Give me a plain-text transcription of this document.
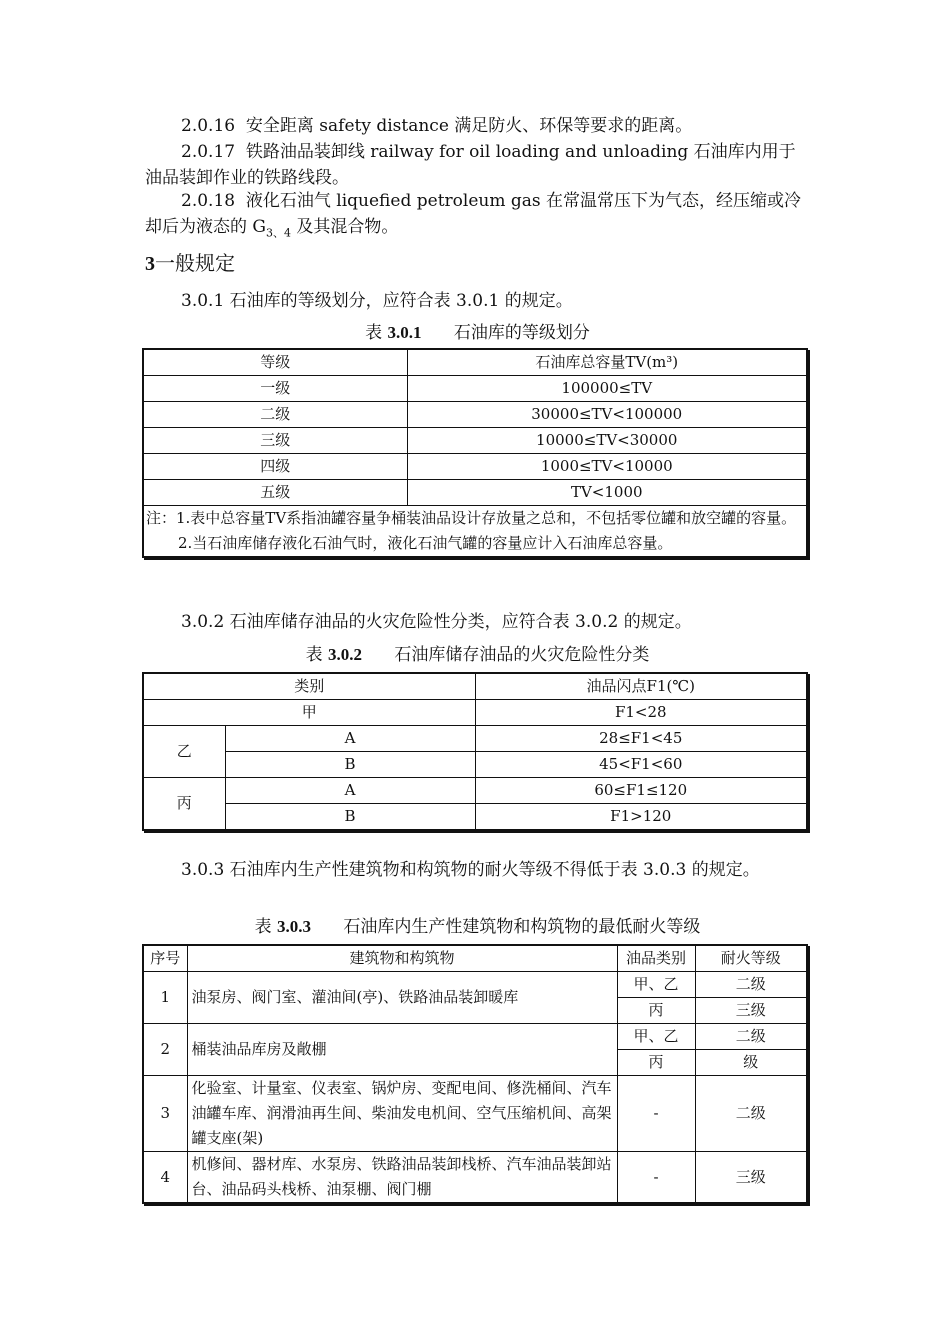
2.0.16 安全距离 safety distance 满足防火、环保等要求的距离。

2.0.17 铁路油品装卸线 railway for oil loading and unloading 石油库内用于油品装卸作业的铁路线段。

2.0.18 液化石油气 liquefied petroleum gas 在常温常压下为气态，经压缩或冷却后为液态的 $G_{3、4}$ 及其混合物。

3一般规定

3.0.1 石油库的等级划分，应符合表 3.0.1 的规定。

表 3.0.1 石油库的等级划分

等级	石油库总容量TV(m³)
一级	100000≤TV
二级	30000≤TV<100000
三级	10000≤TV<30000
四级	1000≤TV<10000
五级	TV<1000

注：1.表中总容量TV系指油罐容量争桶装油品设计存放量之总和，不包括零位罐和放空罐的容量。
2.当石油库储存液化石油气时，液化石油气罐的容量应计入石油库总容量。	

3.0.2 石油库储存油品的火灾危险性分类，应符合表 3.0.2 的规定。

表 3.0.2 石油库储存油品的火灾危险性分类

类别		油品闪点F1(℃)
甲		F1<28
乙	A	28≤F1<45
	B	45<F1<60
丙	A	60≤F1≤120
	B	F1>120

3.0.3 石油库内生产性建筑物和构筑物的耐火等级不得低于表 3.0.3 的规定。

表 3.0.3 石油库内生产性建筑物和构筑物的最低耐火等级

序号	建筑物和构筑物	油品类别	耐火等级
1	油泵房、阀门室、灌油间(亭)、铁路油品装卸暖库	甲、乙	二级
		丙	三级
2	桶装油品库房及敞棚	甲、乙	二级
		丙	级
3	化验室、计量室、仪表室、锅炉房、变配电间、修洗桶间、汽车油罐车库、润滑油再生间、柴油发电机间、空气压缩机间、高架罐支座(架)	-	二级
4	机修间、器材库、水泵房、铁路油品装卸栈桥、汽车油品装卸站台、油品码头栈桥、油泵棚、阀门棚	-	三级
